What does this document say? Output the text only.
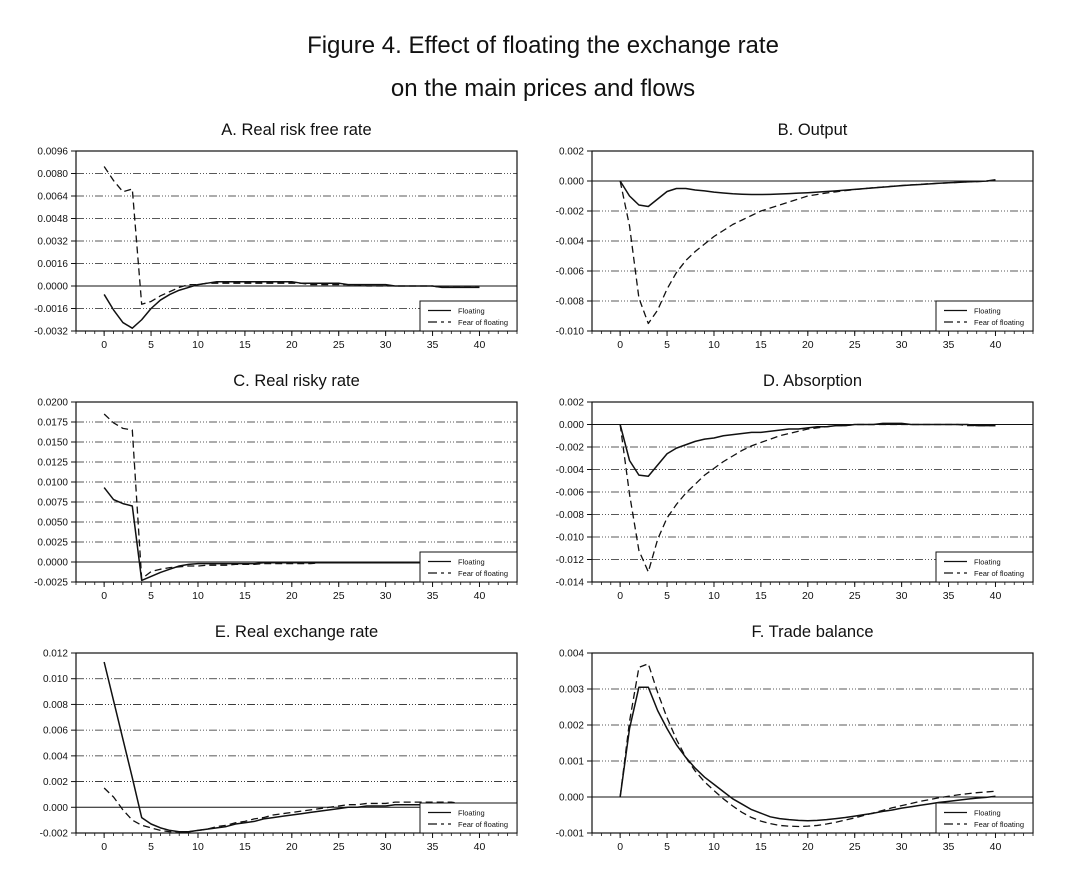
Figure 4. Effect of floating the exchange rate
on the main prices and flows
A. Real risk free rate
0.0096
0.0080
0.0064
0.0048
0.0032
0.0016
0.0000
-0.0016
-0.0032
0	5	10	15	20	25	30	35	40
Floating
Fear of floating
B. Output
0.002
0.000
-0.002
-0.004
-0.006
-0.008
-0.010
0	5	10	15	20	25	30	35	40
Floating
Fear of floating
C. Real risky rate
0.0200
0.0175
0.0150
0.0125
0.0100
0.0075
0.0050
0.0025
0.0000
-0.0025
0	5	10	15	20	25	30	35	40
Floating
Fear of floating
D. Absorption
0.002
0.000
-0.002
-0.004
-0.006
-0.008
-0.010
-0.012
-0.014
0	5	10	15	20	25	30	35	40
Floating
Fear of floating
E. Real exchange rate
0.012
0.010
0.008
0.006
0.004
0.002
0.000
-0.002
0	5	10	15	20	25	30	35	40
Floating
Fear of floating
F. Trade balance
0.004
0.003
0.002
0.001
0.000
-0.001
0	5	10	15	20	25	30	35	40
Floating
Fear of floating
